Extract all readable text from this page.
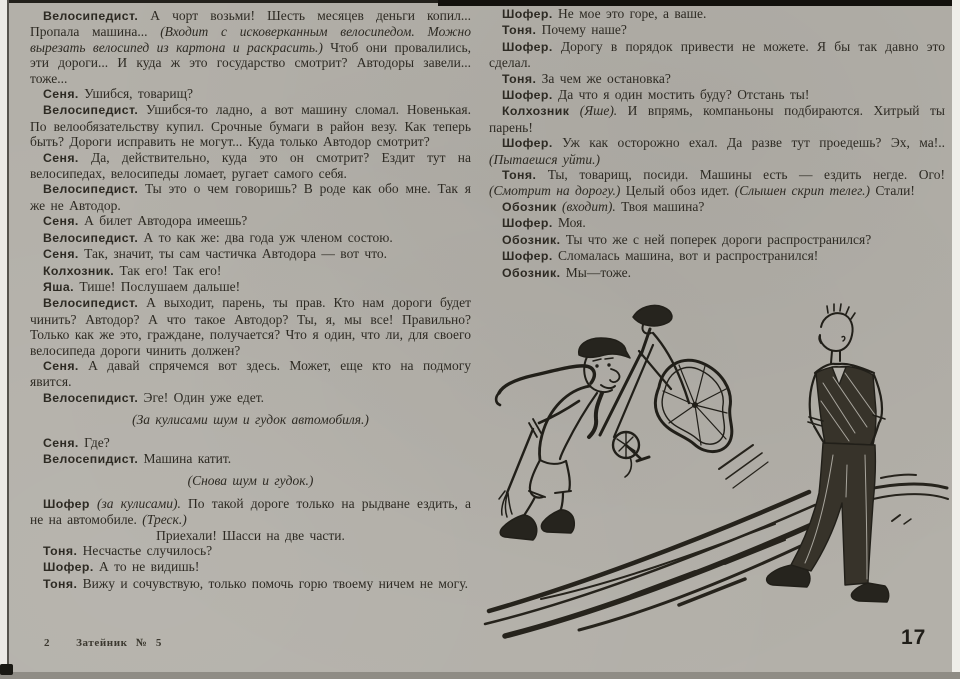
Велосипедист. А чорт возьми! Шесть месяцев деньги копил... Пропала машина... (Входит с исковерканным велосипедом. Можно вырезать велосипед из картона и раскрасить.) Чтоб они провалились, эти дороги... И куда ж это государство смотрит? Автодоры завели... тоже...

Сеня. Ушибся, товарищ?

Велосипедист. Ушибся-то ладно, а вот машину сломал. Новенькая. По велообязательству купил. Срочные бумаги в район везу. Как теперь быть? Дороги исправить не могут... Куда только Автодор смотрит?

Сеня. Да, действительно, куда это он смотрит? Ездит тут на велосипедах, велосипеды ломает, ругает самого себя.

Велосипедист. Ты это о чем говоришь? В роде как обо мне. Так я же не Автодор.

Сеня. А билет Автодора имеешь?

Велосипедист. А то как же: два года уж членом состою.

Сеня. Так, значит, ты сам частичка Автодора — вот что.

Колхозник. Так его! Так его!

Яша. Тише! Послушаем дальше!

Велосипедист. А выходит, парень, ты прав. Кто нам дороги будет чинить? Автодор? А что такое Автодор? Ты, я, мы все! Правильно? Только как же это, граждане, получается? Что я один, что ли, для своего велосипеда дороги чинить должен?

Сеня. А давай спрячемся вот здесь. Может, еще кто на подмогу явится.

Велосепидист. Эге! Один уже едет.

(За кулисами шум и гудок автомобиля.)

Сеня. Где?

Велосепидист. Машина катит.

(Снова шум и гудок.)

Шофер (за кулисами). По такой дороге только на рыдване ездить, а не на автомобиле. (Треск.)

Приехали! Шасси на две части.

Тоня. Несчастье случилось?

Шофер. А то не видишь!

Тоня. Вижу и сочувствую, только помочь горю твоему ничем не могу.

Шофер. Не мое это горе, а ваше.

Тоня. Почему наше?

Шофер. Дорогу в порядок привести не можете. Я бы так давно это сделал.

Тоня. За чем же остановка?

Шофер. Да что я один мостить буду? Отстань ты!

Колхозник (Яше). И впрямь, компаньоны подбираются. Хитрый ты парень!

Шофер. Уж как осторожно ехал. Да разве тут проедешь? Эх, ма!.. (Пытаешся уйти.)

Тоня. Ты, товарищ, посиди. Машины есть — ездить негде. Ого! (Смотрит на дорогу.) Целый обоз идет. (Слышен скрип телег.) Стали!

Обозник (входит). Твоя машина?

Шофер. Моя.

Обозник. Ты что же с ней поперек дороги распространился?

Шофер. Сломалась машина, вот и распространился!

Обозник. Мы—тоже.

2 Затейник № 5	17
